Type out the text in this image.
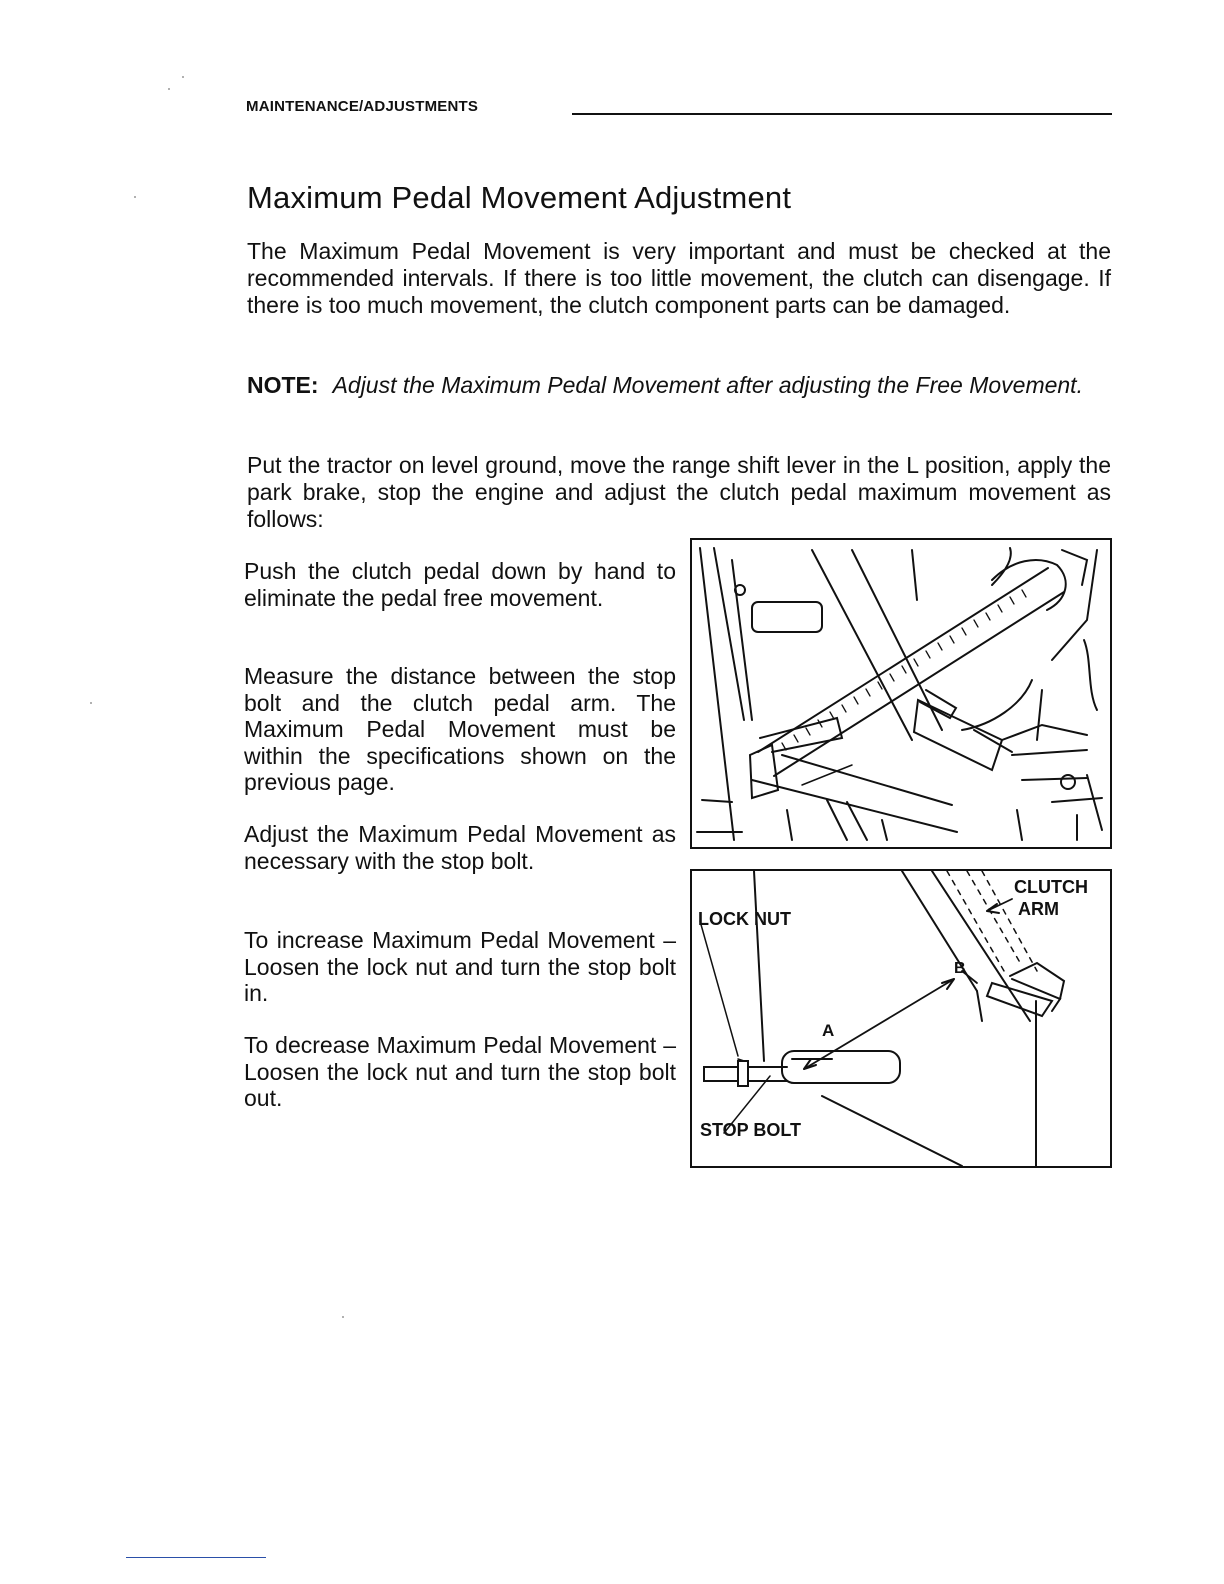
MAINTENANCE/ADJUSTMENTS
Maximum Pedal Movement Adjustment

The Maximum Pedal Movement is very important and must be checked at the recommended intervals. If there is too little movement, the clutch can disengage. If there is too much movement, the clutch component parts can be damaged.

NOTE: Adjust the Maximum Pedal Movement after adjusting the Free Movement.

Put the tractor on level ground, move the range shift lever in the L position, apply the park brake, stop the engine and adjust the clutch pedal maximum movement as follows:

Push the clutch pedal down by hand to eliminate the pedal free movement.

Measure the distance between the stop bolt and the clutch pedal arm. The Maximum Pedal Movement must be within the specifications shown on the previous page.

Adjust the Maximum Pedal Movement as necessary with the stop bolt.

To increase Maximum Pedal Movement – Loosen the lock nut and turn the stop bolt in.

To decrease Maximum Pedal Movement – Loosen the lock nut and turn the stop bolt out.

LOCK NUT
CLUTCH
ARM
B
A
STOP BOLT
